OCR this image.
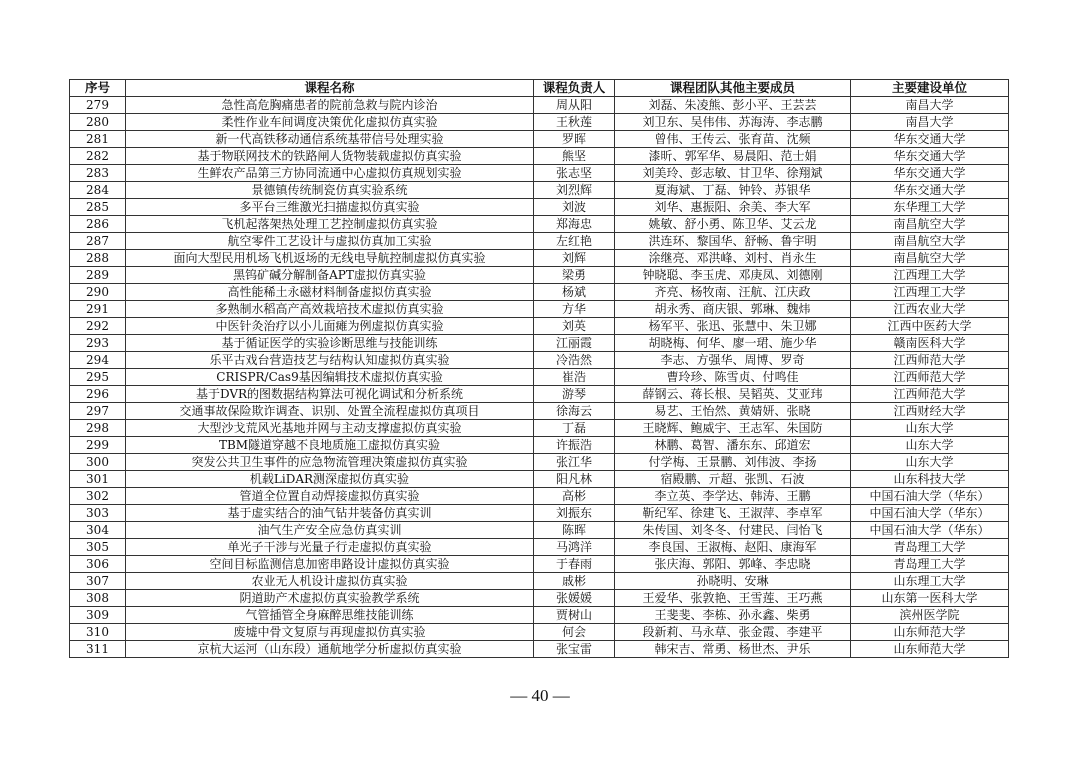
序号	课程名称	课程负责人	课程团队其他主要成员	主要建设单位
279	急性高危胸痛患者的院前急救与院内诊治	周从阳	刘磊、朱凌熊、彭小平、王芸芸	南昌大学
280	柔性作业车间调度决策优化虚拟仿真实验	王秋莲	刘卫东、吴伟伟、苏海涛、李志鹏	南昌大学
281	新一代高铁移动通信系统基带信号处理实验	罗晖	曾伟、王传云、张育苗、沈频	华东交通大学
282	基于物联网技术的铁路闸人货物装载虚拟仿真实验	熊坚	漆昕、郭军华、易晨阳、范士娟	华东交通大学
283	生鲜农产品第三方协同流通中心虚拟仿真规划实验	张志坚	刘美玲、彭志敏、甘卫华、徐翔斌	华东交通大学
284	景德镇传统制瓷仿真实验系统	刘烈辉	夏海斌、丁磊、钟铃、苏银华	华东交通大学
285	多平台三维激光扫描虚拟仿真实验	刘波	刘华、惠振阳、余美、李大军	东华理工大学
286	飞机起落架热处理工艺控制虚拟仿真实验	郑海忠	姚敏、舒小勇、陈卫华、艾云龙	南昌航空大学
287	航空零件工艺设计与虚拟仿真加工实验	左红艳	洪连环、黎国华、舒畅、鲁宇明	南昌航空大学
288	面向大型民用机场飞机返场的无线电导航控制虚拟仿真实验	刘辉	涂继亮、邓洪峰、刘村、肖永生	南昌航空大学
289	黑钨矿碱分解制备APT虚拟仿真实验	梁勇	钟晓聪、李玉虎、邓庚凤、刘德刚	江西理工大学
290	高性能稀土永磁材料制备虚拟仿真实验	杨斌	齐亮、杨牧南、汪航、江庆政	江西理工大学
291	多熟制水稻高产高效栽培技术虚拟仿真实验	方华	胡永秀、商庆银、郭琳、魏炜	江西农业大学
292	中医针灸治疗以小儿面瘫为例虚拟仿真实验	刘英	杨军平、张迅、张慧中、朱卫娜	江西中医药大学
293	基于循证医学的实验诊断思维与技能训练	江丽霞	胡晓梅、何华、廖一珺、施少华	赣南医科大学
294	乐平古戏台营造技艺与结构认知虚拟仿真实验	冷浩然	李志、方强华、周博、罗奇	江西师范大学
295	CRISPR/Cas9基因编辑技术虚拟仿真实验	崔浩	曹玲珍、陈雪贞、付鸣佳	江西师范大学
296	基于DVR的图数据结构算法可视化调试和分析系统	游琴	薛钢云、蒋长根、吴韬英、艾亚玮	江西师范大学
297	交通事故保险欺诈调查、识别、处置全流程虚拟仿真项目	徐海云	易艺、王怡然、黄婧妍、张晓	江西财经大学
298	大型沙戈荒风光基地并网与主动支撑虚拟仿真实验	丁磊	王晓辉、鲍威宇、王志军、朱国防	山东大学
299	TBM隧道穿越不良地质施工虚拟仿真实验	许振浩	林鹏、葛智、潘东东、邱道宏	山东大学
300	突发公共卫生事件的应急物流管理决策虚拟仿真实验	张江华	付学梅、王景鹏、刘伟波、李扬	山东大学
301	机载LiDAR测深虚拟仿真实验	阳凡林	宿殿鹏、亓超、张凯、石波	山东科技大学
302	管道全位置自动焊接虚拟仿真实验	高彬	李立英、李学达、韩涛、王鹏	中国石油大学（华东）
303	基于虚实结合的油气钻井装备仿真实训	刘振东	靳纪军、徐建飞、王淑萍、李卓军	中国石油大学（华东）
304	油气生产安全应急仿真实训	陈晖	朱传国、刘冬冬、付建民、闫怡飞	中国石油大学（华东）
305	单光子干涉与光量子行走虚拟仿真实验	马鸿洋	李良国、王淑梅、赵阳、康海军	青岛理工大学
306	空间目标监测信息加密串路设计虚拟仿真实验	于春雨	张庆海、郭阳、郭峰、李忠晓	青岛理工大学
307	农业无人机设计虚拟仿真实验	戚彬	孙晓明、安琳	山东理工大学
308	阴道助产术虚拟仿真实验教学系统	张媛媛	王爱华、张敦艳、王雪莲、王巧燕	山东第一医科大学
309	气管插管全身麻醉思维技能训练	贾树山	王斐斐、李栋、孙永鑫、柴勇	滨州医学院
310	废墟中骨文复原与再现虚拟仿真实验	何会	段新莉、马永草、张金霞、李建平	山东师范大学
311	京杭大运河（山东段）通航地学分析虚拟仿真实验	张宝雷	韩宋吉、常勇、杨世杰、尹乐	山东师范大学
— 40 —
